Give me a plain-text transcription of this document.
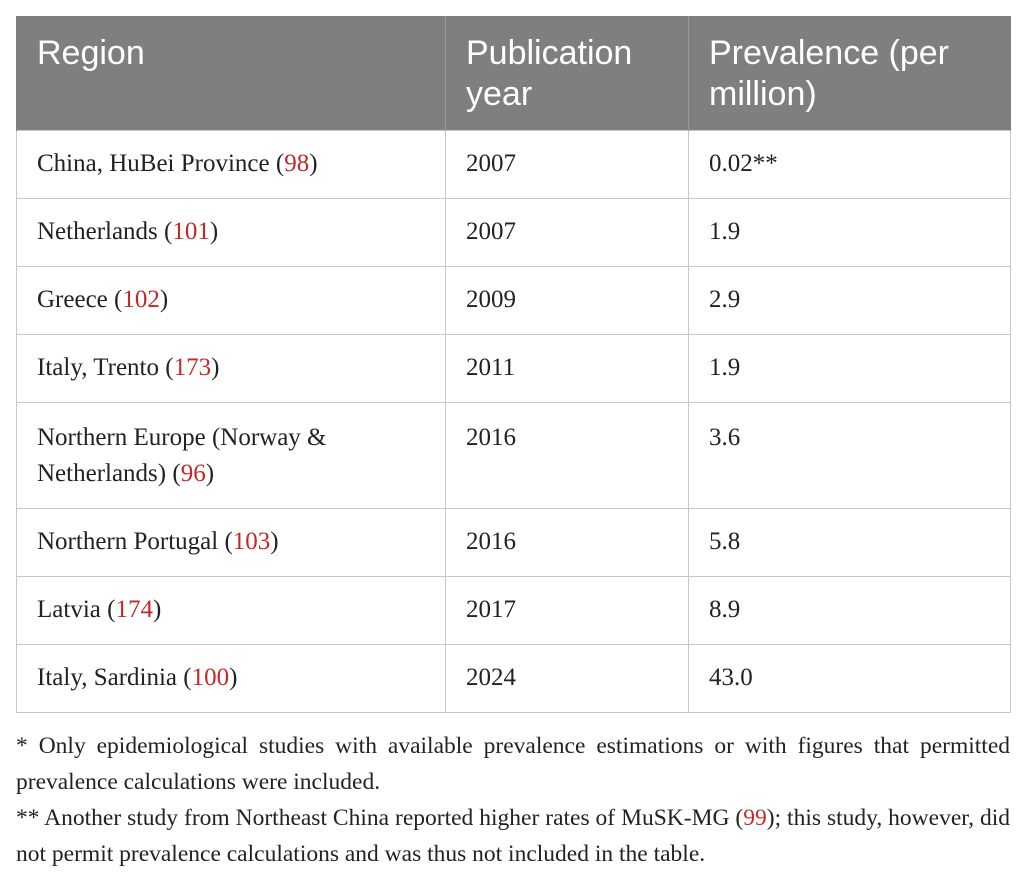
Region	Publication year	Prevalence (per million)
China, HuBei Province (98)	2007	0.02**
Netherlands (101)	2007	1.9
Greece (102)	2009	2.9
Italy, Trento (173)	2011	1.9
Northern Europe (Norway & Netherlands) (96)	2016	3.6
Northern Portugal (103)	2016	5.8
Latvia (174)	2017	8.9
Italy, Sardinia (100)	2024	43.0

* Only epidemiological studies with available prevalence estimations or with figures that permitted prevalence calculations were included.

** Another study from Northeast China reported higher rates of MuSK-MG (99); this study, however, did not permit prevalence calculations and was thus not included in the table.
